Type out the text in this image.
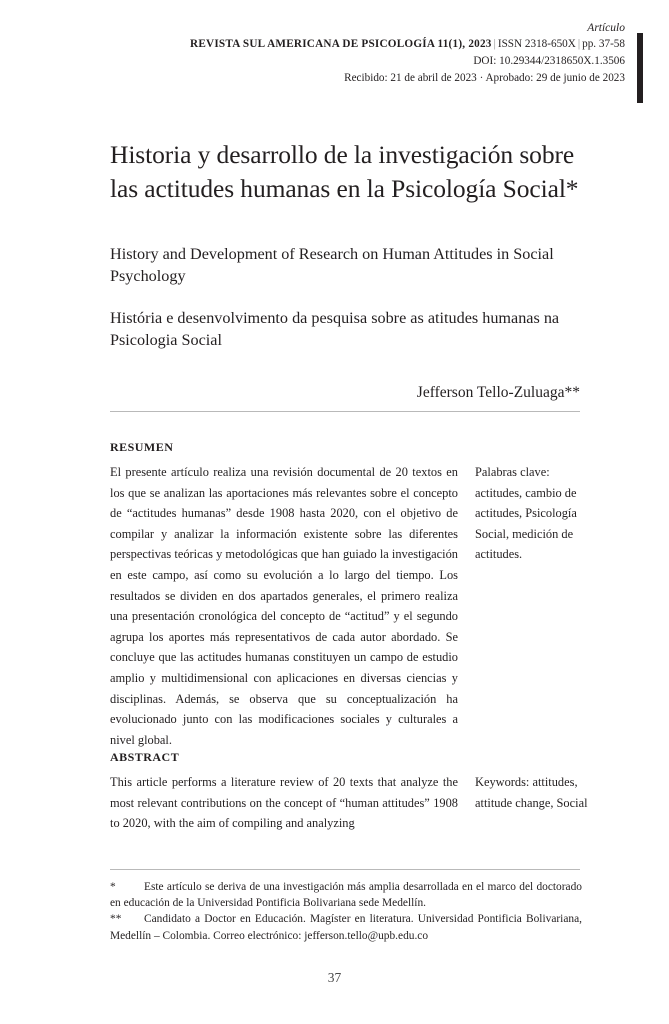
Artículo
REVISTA SUL AMERICANA DE PSICOLOGÍA 11(1), 2023 | ISSN 2318-650X | pp. 37-58
DOI: 10.29344/2318650X.1.3506
Recibido: 21 de abril de 2023 · Aprobado: 29 de junio de 2023
Historia y desarrollo de la investigación sobre las actitudes humanas en la Psicología Social*

History and Development of Research on Human Attitudes in Social Psychology

História e desenvolvimento da pesquisa sobre as atitudes humanas na Psicologia Social

Jefferson Tello-Zuluaga**
RESUMEN
El presente artículo realiza una revisión documental de 20 textos en los que se analizan las aportaciones más relevantes sobre el concepto de “actitudes humanas” desde 1908 hasta 2020, con el objetivo de compilar y analizar la información existente sobre las diferentes perspectivas teóricas y metodológicas que han guiado la investigación en este campo, así como su evolución a lo largo del tiempo. Los resultados se dividen en dos apartados generales, el primero realiza una presentación cronológica del concepto de “actitud” y el segundo agrupa los aportes más representativos de cada autor abordado. Se concluye que las actitudes humanas constituyen un campo de estudio amplio y multidimensional con aplicaciones en diversas ciencias y disciplinas. Además, se observa que su conceptualización ha evolucionado junto con las modificaciones sociales y culturales a nivel global.
Palabras clave: actitudes, cambio de actitudes, Psicología Social, medición de actitudes.
ABSTRACT
This article performs a literature review of 20 texts that analyze the most relevant contributions on the concept of “human attitudes” 1908 to 2020, with the aim of compiling and analyzing
Keywords: attitudes, attitude change, Social

* Este artículo se deriva de una investigación más amplia desarrollada en el marco del doctorado en educación de la Universidad Pontificia Bolivariana sede Medellín.

** Candidato a Doctor en Educación. Magíster en literatura. Universidad Pontificia Bolivariana, Medellín – Colombia. Correo electrónico: jefferson.tello@upb.edu.co

37
